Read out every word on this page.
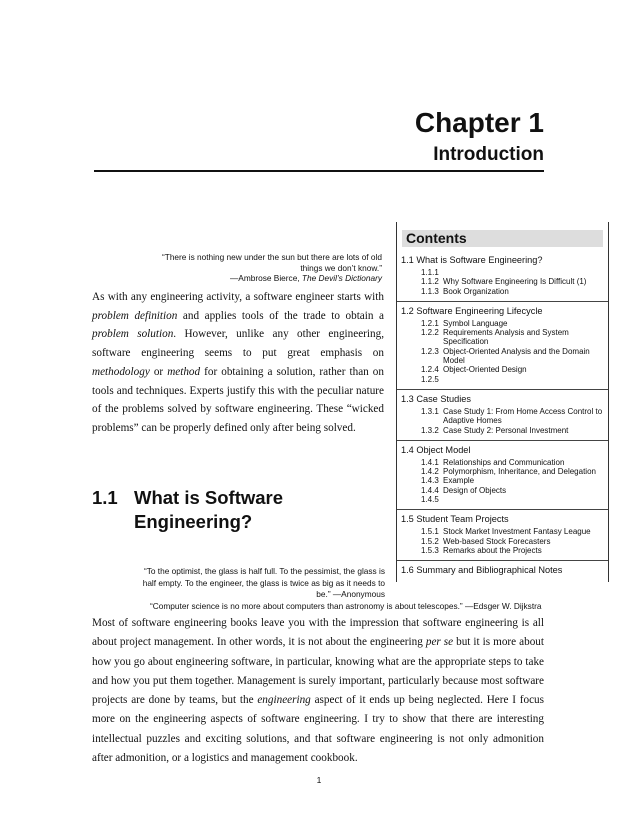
Chapter 1
Introduction
“There is nothing new under the sun but there are lots of old things we don’t know.”
—Ambrose Bierce, The Devil’s Dictionary
As with any engineering activity, a software engineer starts with problem definition and applies tools of the trade to obtain a problem solution. However, unlike any other engineering, software engineering seems to put great emphasis on methodology or method for obtaining a solution, rather than on tools and techniques. Experts justify this with the peculiar nature of the problems solved by software engineering. These “wicked problems” can be properly defined only after being solved.
1.1 What is Software
Engineering?
“To the optimist, the glass is half full. To the pessimist, the glass is half empty. To the engineer, the glass is twice as big as it needs to be.” —Anonymous
“Computer science is no more about computers than astronomy is about telescopes.” —Edsger W. Dijkstra
Most of software engineering books leave you with the impression that software engineering is all about project management. In other words, it is not about the engineering per se but it is more about how you go about engineering software, in particular, knowing what are the appropriate steps to take and how you put them together. Management is surely important, particularly because most software projects are done by teams, but the engineering aspect of it ends up being neglected. Here I focus more on the engineering aspects of software engineering. I try to show that there are interesting intellectual puzzles and exciting solutions, and that software engineering is not only admonition after admonition, or a logistics and management cookbook.
Contents
1.1 What is Software Engineering?
1.1.1
1.1.2 Why Software Engineering Is Difficult (1)
1.1.3 Book Organization
1.2 Software Engineering Lifecycle
1.2.1 Symbol Language
1.2.2 Requirements Analysis and System Specification
1.2.3 Object-Oriented Analysis and the Domain Model
1.2.4 Object-Oriented Design
1.2.5
1.3 Case Studies
1.3.1 Case Study 1: From Home Access Control to Adaptive Homes
1.3.2 Case Study 2: Personal Investment
1.4 Object Model
1.4.1 Relationships and Communication
1.4.2 Polymorphism, Inheritance, and Delegation
1.4.3 Example
1.4.4 Design of Objects
1.4.5
1.5 Student Team Projects
1.5.1 Stock Market Investment Fantasy League
1.5.2 Web-based Stock Forecasters
1.5.3 Remarks about the Projects
1.6 Summary and Bibliographical Notes
1
